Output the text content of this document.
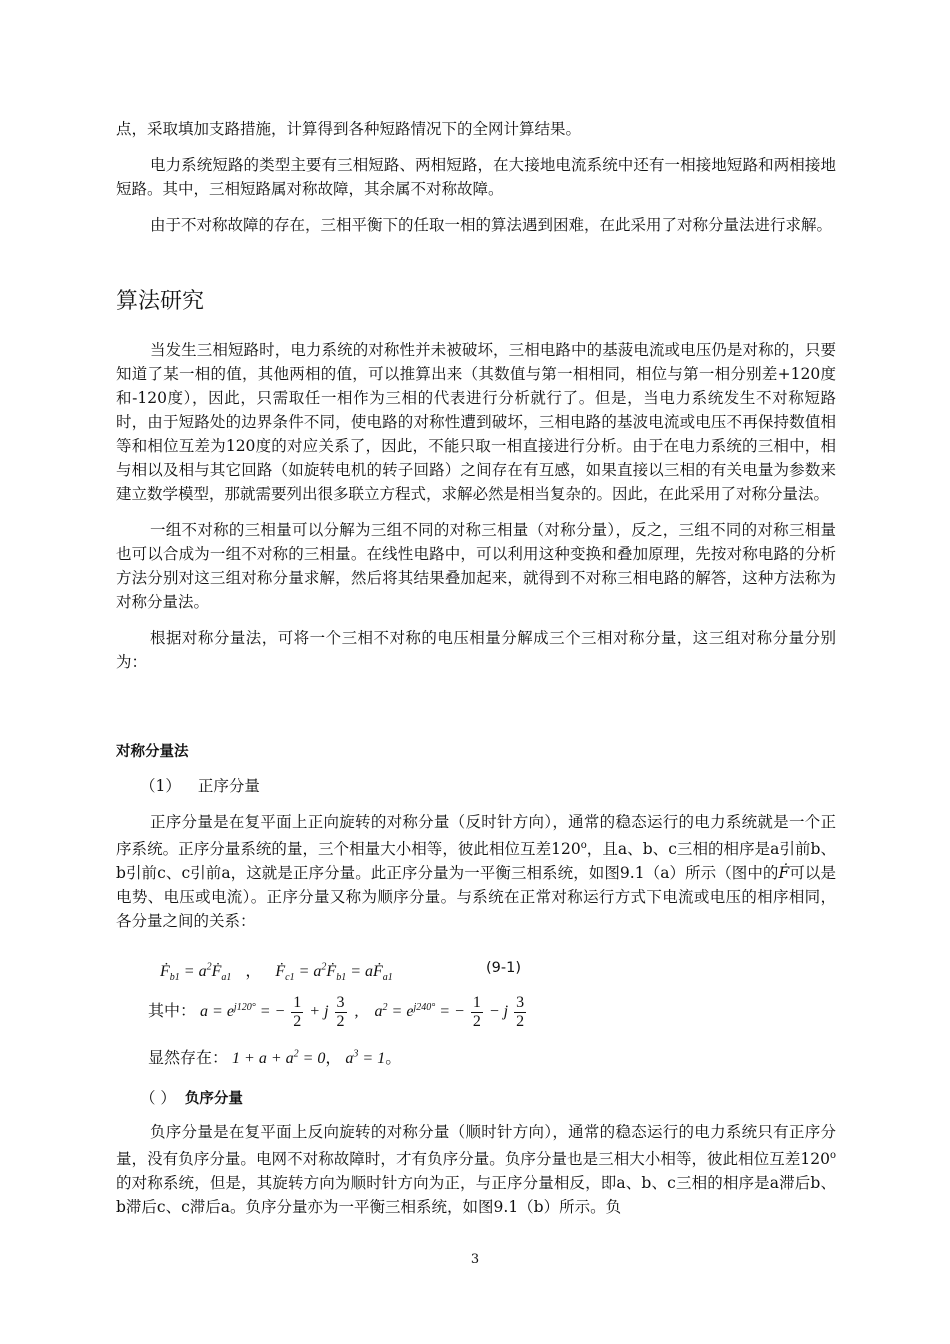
点，采取填加支路措施，计算得到各种短路情况下的全网计算结果。

电力系统短路的类型主要有三相短路、两相短路，在大接地电流系统中还有一相接地短路和两相接地短路。其中，三相短路属对称故障，其余属不对称故障。

由于不对称故障的存在，三相平衡下的任取一相的算法遇到困难，在此采用了对称分量法进行求解。

算法研究

当发生三相短路时，电力系统的对称性并未被破坏，三相电路中的基菠电流或电压仍是对称的，只要知道了某一相的值，其他两相的值，可以推算出来（其数值与第一相相同，相位与第一相分别差+120度和-120度），因此，只需取任一相作为三相的代表进行分析就行了。但是，当电力系统发生不对称短路时，由于短路处的边界条件不同，使电路的对称性遭到破坏，三相电路的基波电流或电压不再保持数值相等和相位互差为120度的对应关系了，因此，不能只取一相直接进行分析。由于在电力系统的三相中，相与相以及相与其它回路（如旋转电机的转子回路）之间存在有互感，如果直接以三相的有关电量为参数来建立数学模型，那就需要列出很多联立方程式，求解必然是相当复杂的。因此，在此采用了对称分量法。

一组不对称的三相量可以分解为三组不同的对称三相量（对称分量），反之，三组不同的对称三相量也可以合成为一组不对称的三相量。在线性电路中，可以利用这种变换和叠加原理，先按对称电路的分析方法分别对这三组对称分量求解，然后将其结果叠加起来，就得到不对称三相电路的解答，这种方法称为对称分量法。

根据对称分量法，可将一个三相不对称的电压相量分解成三个三相对称分量，这三组对称分量分别为：

对称分量法
（1） 正序分量

正序分量是在复平面上正向旋转的对称分量（反时针方向），通常的稳态运行的电力系统就是一个正序系统。正序分量系统的量，三个相量大小相等，彼此相位互差120$^o$，且a、b、c三相的相序是a引前b、b引前c、c引前a，这就是正序分量。此正序分量为一平衡三相系统，如图9.1（a）所示（图中的Ḟ可以是电势、电压或电流）。正序分量又称为顺序分量。与系统在正常对称运行方式下电流或电压的相序相同，各分量之间的关系：

Ḟ$_{b1}$ = $a^2Ḟ_{a1}$ ， Ḟ$_{c1}$ = $a^2Ḟ_{b1}$ = aḞ$_{a1}$
(9-1)
其中： $a = e^{j120^\circ}$ = − $\frac{1}{2} + j \frac{3}{2}$ , $a^2 = e^{j240^\circ}$ = − $\frac{1}{2} - j \frac{3}{2}$
显然存在： $1 + a + a^2 = 0$， $a^3 = 1$。
（ ） 负序分量

负序分量是在复平面上反向旋转的对称分量（顺时针方向），通常的稳态运行的电力系统只有正序分量，没有负序分量。电网不对称故障时，才有负序分量。负序分量也是三相大小相等，彼此相位互差120$^o$的对称系统，但是，其旋转方向为顺时针方向为正，与正序分量相反，即a、b、c三相的相序是a滞后b、b滞后c、c滞后a。负序分量亦为一平衡三相系统，如图9.1（b）所示。负

3
